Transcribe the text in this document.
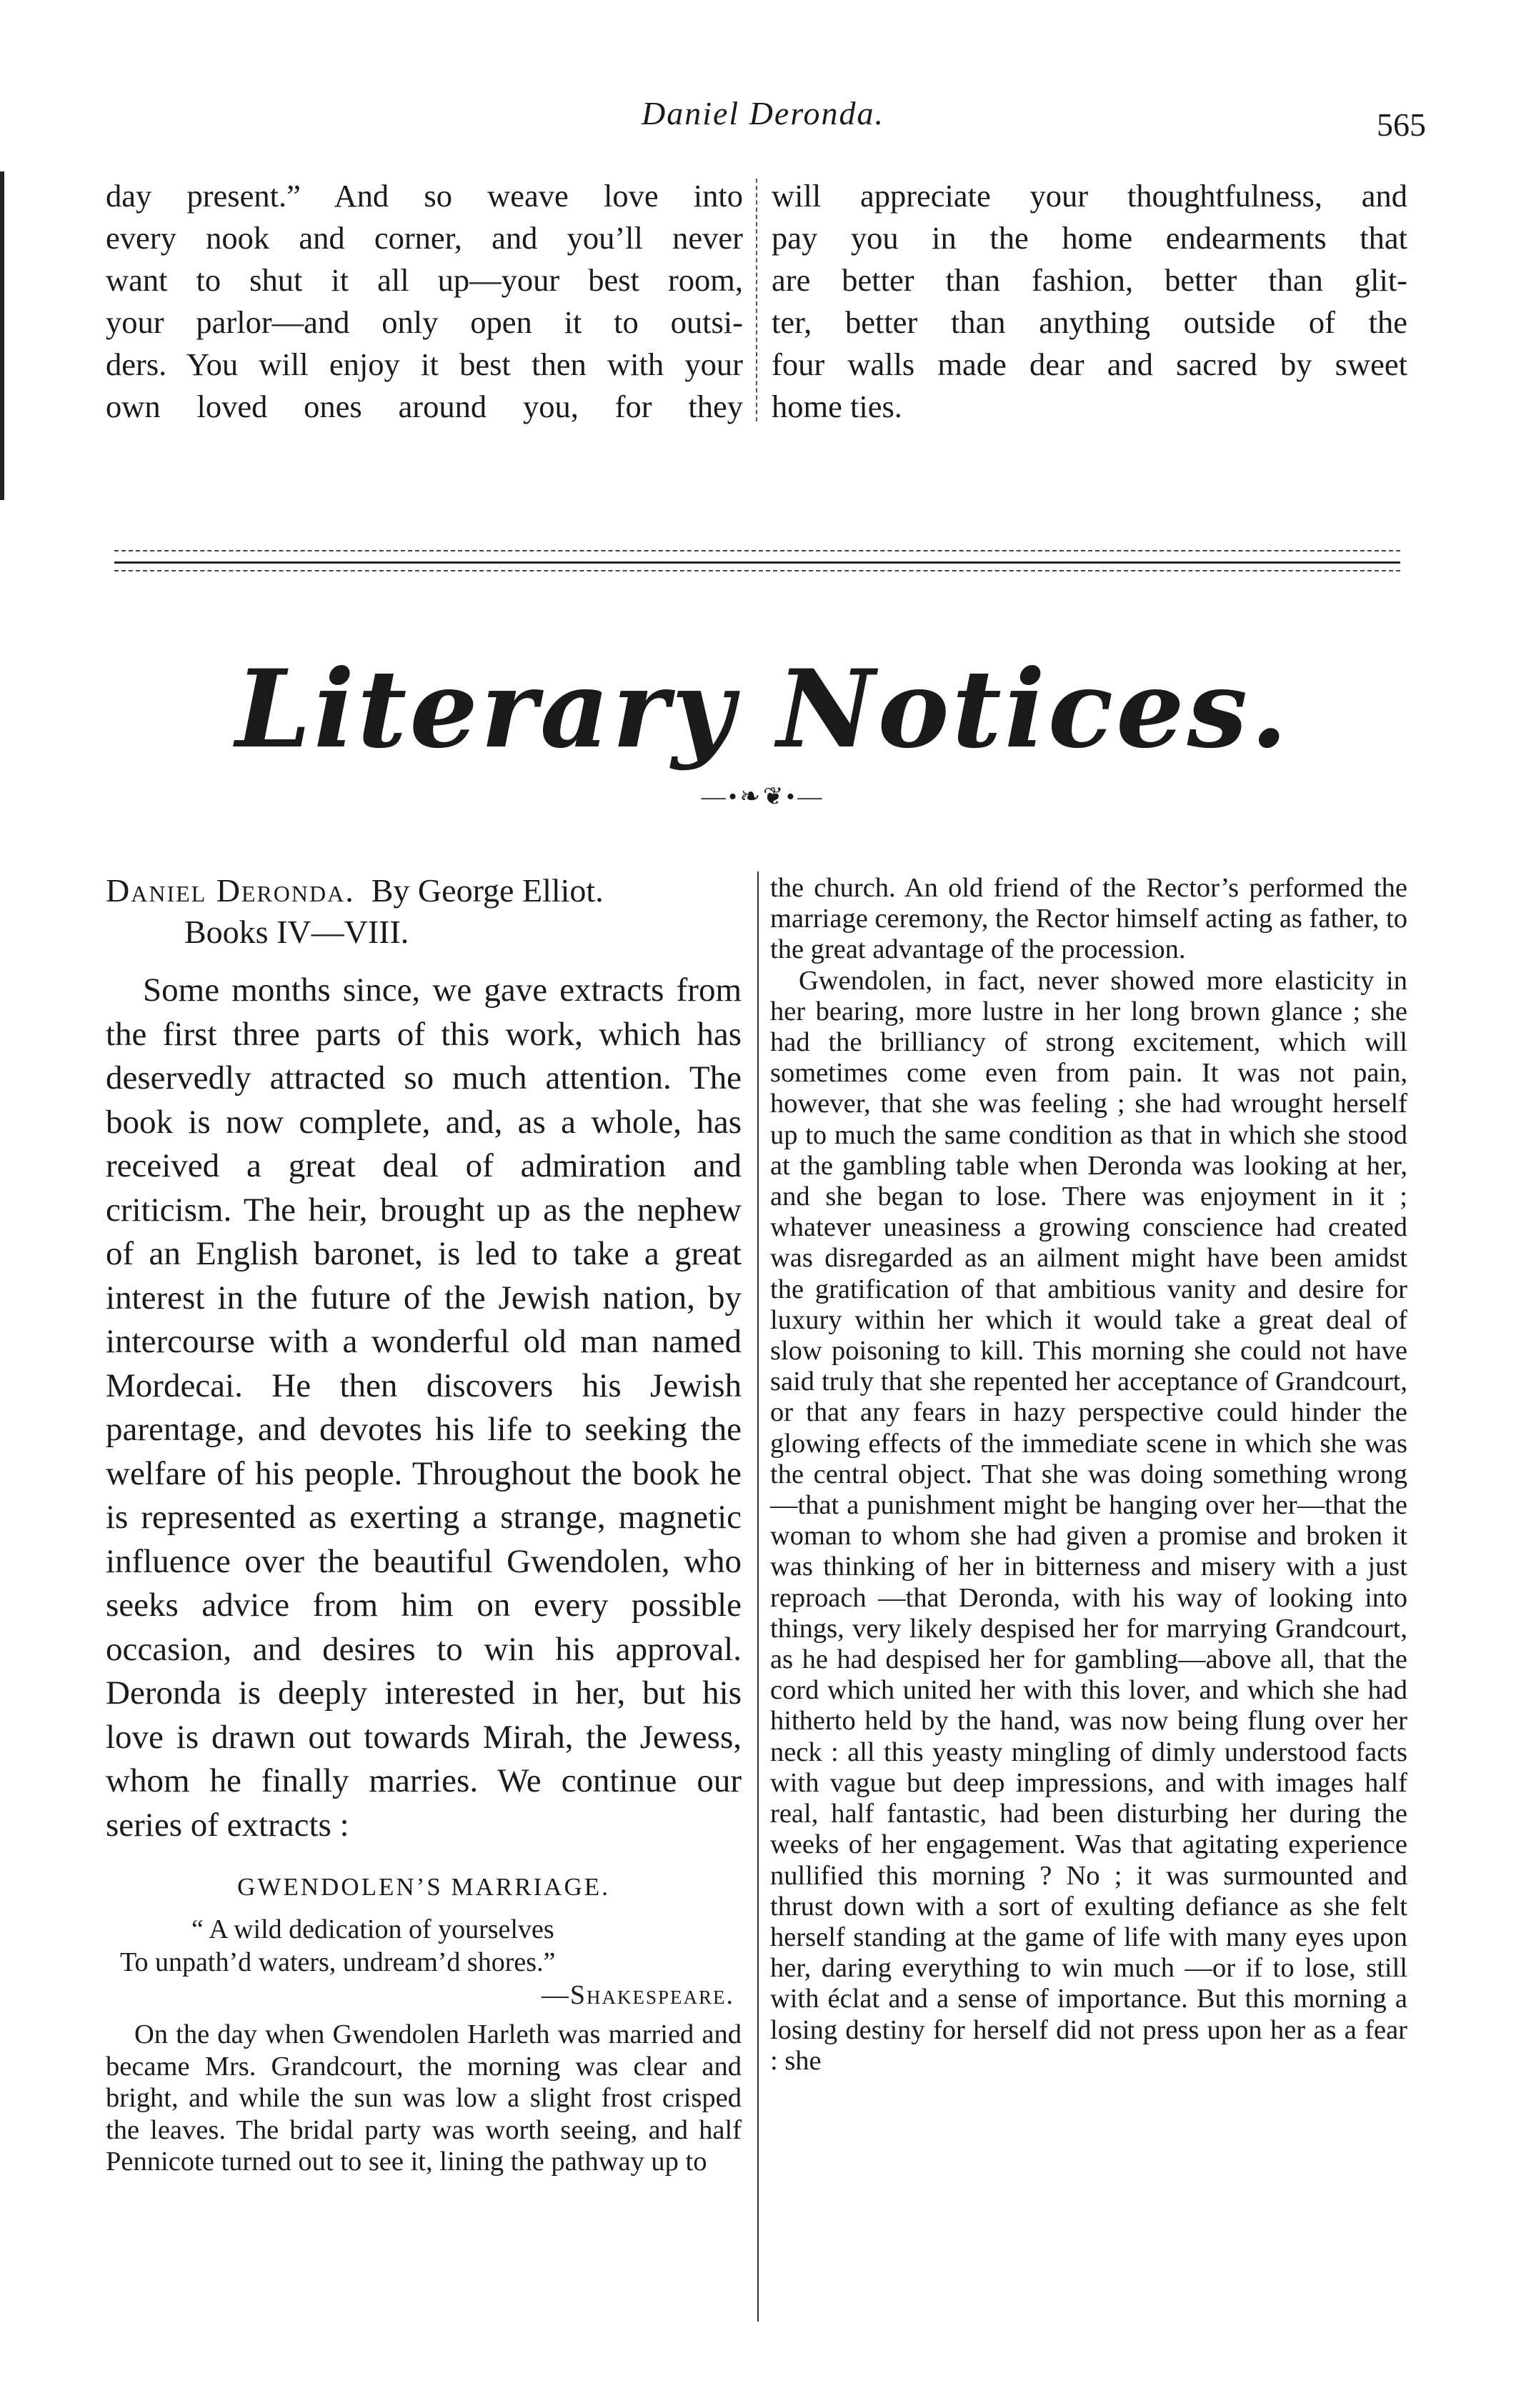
Daniel Deronda.	565
day present.” And so weave love into
every nook and corner, and you’ll never
want to shut it all up—your best room,
your parlor—and only open it to outsi-
ders. You will enjoy it best then with your
own loved ones around you, for they
will appreciate your thoughtfulness, and
pay you in the home endearments that
are better than fashion, better than glit-
ter, better than anything outside of the
four walls made dear and sacred by sweet
home ties.
Literary Notices.
—•❧❦•—
Daniel Deronda. By George Elliot.
Books IV—VIII.

Some months since, we gave extracts from the first three parts of this work, which has deservedly attracted so much attention. The book is now complete, and, as a whole, has received a great deal of admiration and criticism. The heir, brought up as the nephew of an English baronet, is led to take a great interest in the future of the Jewish nation, by intercourse with a wonderful old man named Mordecai. He then discovers his Jewish parentage, and devotes his life to seeking the welfare of his people. Throughout the book he is represented as exerting a strange, magnetic influence over the beautiful Gwendolen, who seeks advice from him on every possible occasion, and desires to win his approval. Deronda is deeply interested in her, but his love is drawn out towards Mirah, the Jewess, whom he finally marries. We continue our series of extracts :

GWENDOLEN’S MARRIAGE.
“ A wild dedication of yourselves
To unpath’d waters, undream’d shores.”
—Shakespeare.

On the day when Gwendolen Harleth was married and became Mrs. Grandcourt, the morning was clear and bright, and while the sun was low a slight frost crisped the leaves. The bridal party was worth seeing, and half Pennicote turned out to see it, lining the pathway up to

the church. An old friend of the Rector’s performed the marriage ceremony, the Rector himself acting as father, to the great advantage of the procession.

Gwendolen, in fact, never showed more elasticity in her bearing, more lustre in her long brown glance ; she had the brilliancy of strong excitement, which will sometimes come even from pain. It was not pain, however, that she was feeling ; she had wrought herself up to much the same condition as that in which she stood at the gambling table when Deronda was looking at her, and she began to lose. There was enjoyment in it ; whatever uneasiness a growing conscience had created was disregarded as an ailment might have been amidst the gratification of that ambitious vanity and desire for luxury within her which it would take a great deal of slow poisoning to kill. This morning she could not have said truly that she repented her acceptance of Grandcourt, or that any fears in hazy perspective could hinder the glowing effects of the immediate scene in which she was the central object. That she was doing something wrong—that a punishment might be hanging over her—that the woman to whom she had given a promise and broken it was thinking of her in bitterness and misery with a just reproach —that Deronda, with his way of looking into things, very likely despised her for marrying Grandcourt, as he had despised her for gambling—above all, that the cord which united her with this lover, and which she had hitherto held by the hand, was now being flung over her neck : all this yeasty mingling of dimly understood facts with vague but deep impressions, and with images half real, half fantastic, had been disturbing her during the weeks of her engagement. Was that agitating experience nullified this morning ? No ; it was surmounted and thrust down with a sort of exulting defiance as she felt herself standing at the game of life with many eyes upon her, daring everything to win much —or if to lose, still with éclat and a sense of importance. But this morning a losing destiny for herself did not press upon her as a fear : she
